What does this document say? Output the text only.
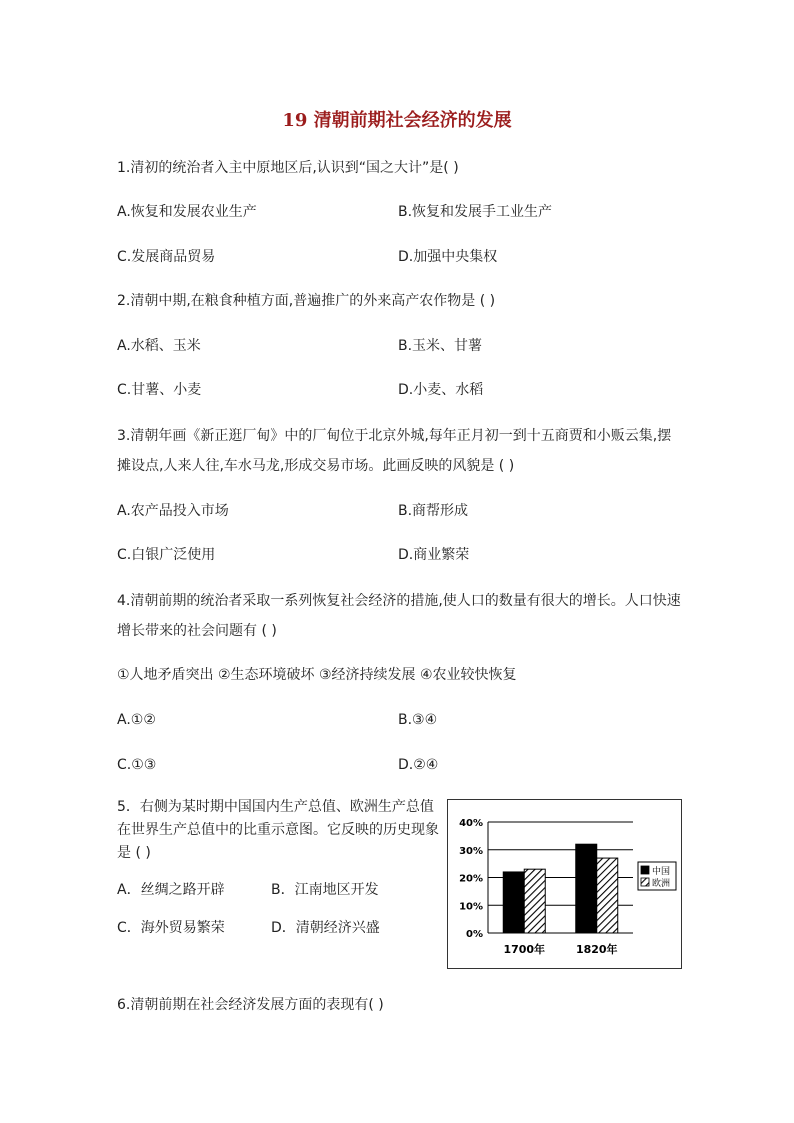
19 清朝前期社会经济的发展
1.清初的统治者入主中原地区后,认识到“国之大计”是( )
A.恢复和发展农业生产	B.恢复和发展手工业生产
C.发展商品贸易	D.加强中央集权
2.清朝中期,在粮食种植方面,普遍推广的外来高产农作物是 ( )
A.水稻、玉米	B.玉米、甘薯
C.甘薯、小麦	D.小麦、水稻
3.清朝年画《新正逛厂甸》中的厂甸位于北京外城,每年正月初一到十五商贾和小贩云集,摆
摊设点,人来人往,车水马龙,形成交易市场。此画反映的风貌是 ( )
A.农产品投入市场	B.商帮形成
C.白银广泛使用	D.商业繁荣
4.清朝前期的统治者采取一系列恢复社会经济的措施,使人口的数量有很大的增长。人口快速
增长带来的社会问题有 ( )
①人地矛盾突出 ②生态环境破坏 ③经济持续发展 ④农业较快恢复
A.①②	B.③④
C.①③	D.②④
5．右侧为某时期中国国内生产总值、欧洲生产总值
在世界生产总值中的比重示意图。它反映的历史现象
是 ( )
A．丝绸之路开辟	B．江南地区开发
C．海外贸易繁荣	D．清朝经济兴盛	0%
10%
20%
30%
40%
1700年	1820年
中国
欧洲
6.清朝前期在社会经济发展方面的表现有( )
